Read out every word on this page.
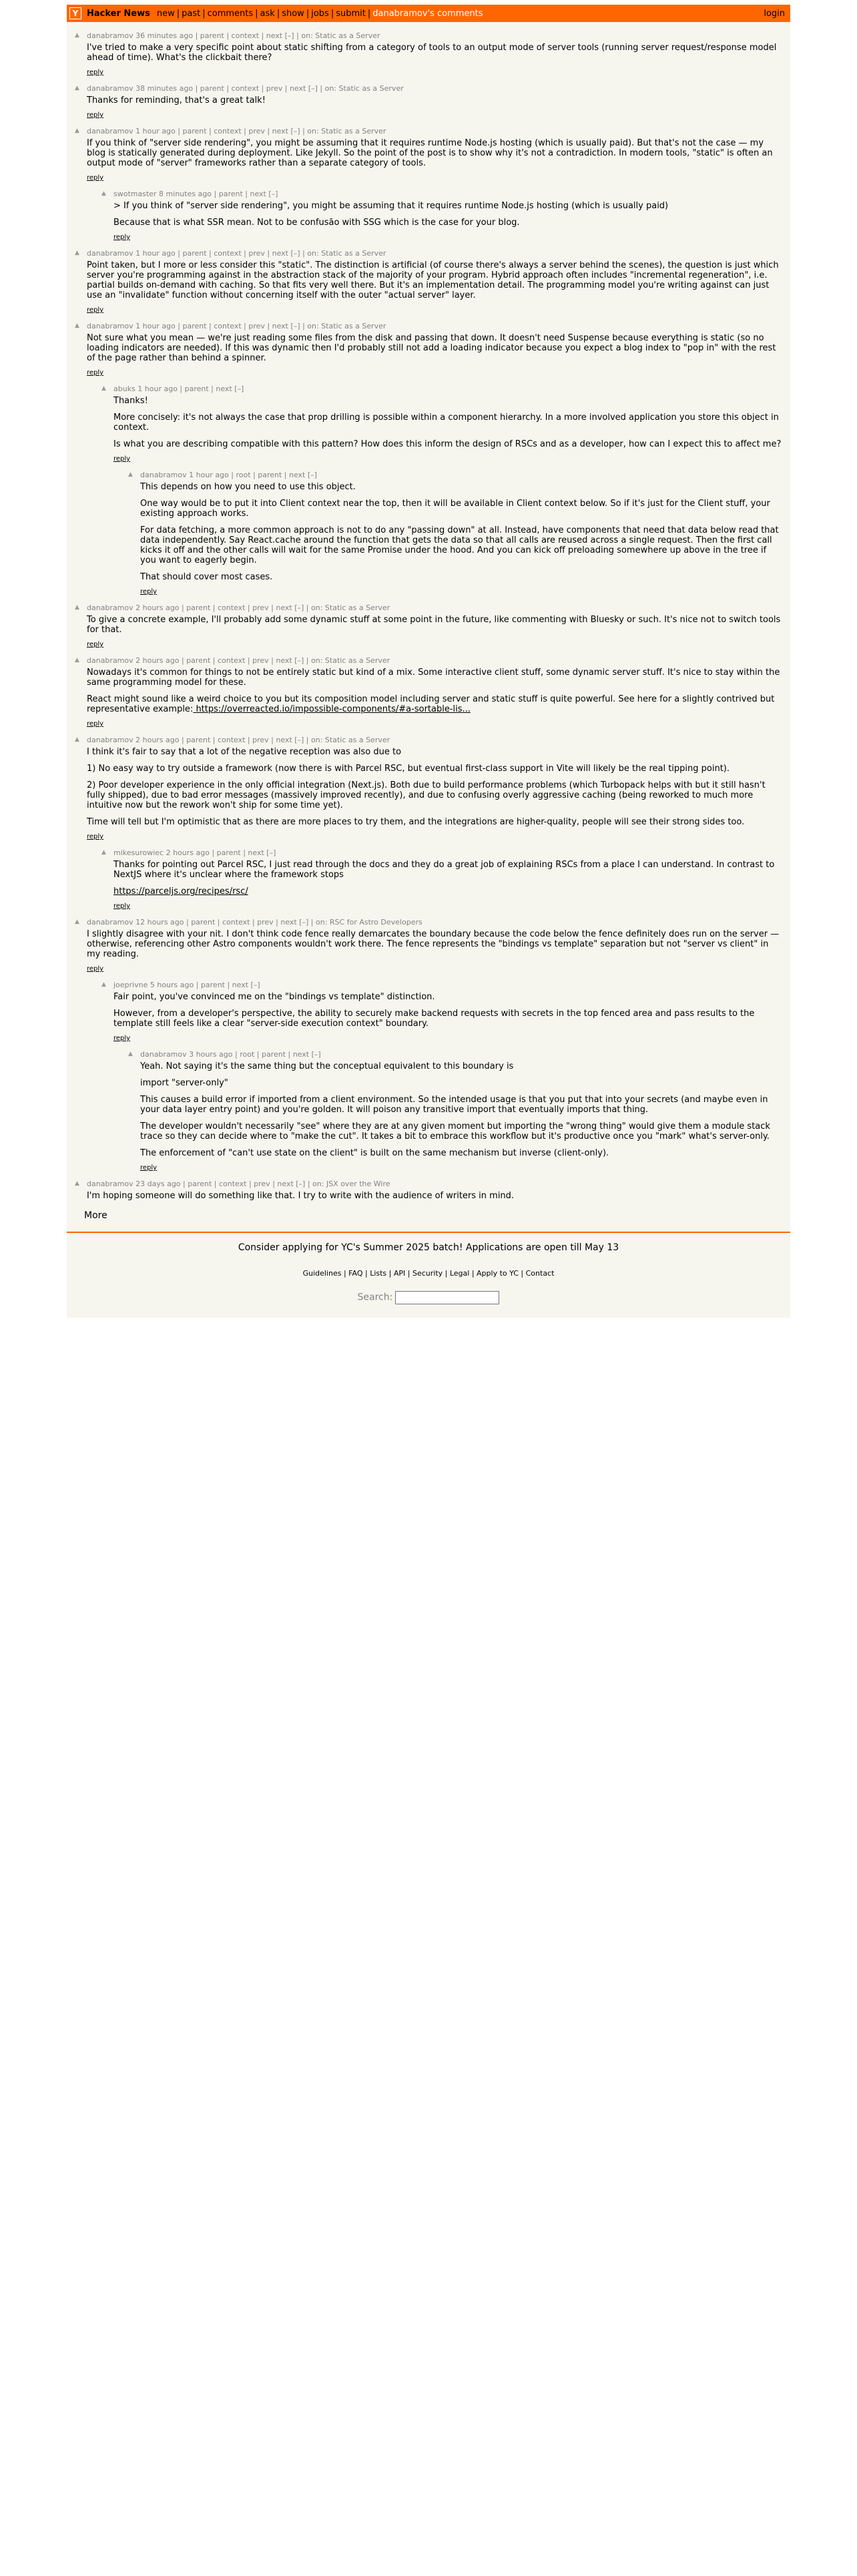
Y Hacker News new | past | comments | ask | show | jobs | submit | danabramov's comments	login
▲ danabramov 36 minutes ago | parent | context | next [–] | on: Static as a Server

I've tried to make a very specific point about static shifting from a category of tools to an output mode of server tools (running server request/response model ahead of time). What's the clickbait there?

reply
▲ danabramov 38 minutes ago | parent | context | prev | next [–] | on: Static as a Server

Thanks for reminding, that's a great talk!

reply
▲ danabramov 1 hour ago | parent | context | prev | next [–] | on: Static as a Server

If you think of "server side rendering", you might be assuming that it requires runtime Node.js hosting (which is usually paid). But that's not the case — my blog is statically generated during deployment. Like Jekyll. So the point of the post is to show why it's not a contradiction. In modern tools, "static" is often an output mode of "server" frameworks rather than a separate category of tools.

reply
▲ swotmaster 8 minutes ago | parent | next [–]

> If you think of "server side rendering", you might be assuming that it requires runtime Node.js hosting (which is usually paid)

Because that is what SSR mean. Not to be confusão with SSG which is the case for your blog.

reply
▲ danabramov 1 hour ago | parent | context | prev | next [–] | on: Static as a Server

Point taken, but I more or less consider this "static". The distinction is artificial (of course there's always a server behind the scenes), the question is just which server you're programming against in the abstraction stack of the majority of your program. Hybrid approach often includes "incremental regeneration", i.e. partial builds on-demand with caching. So that fits very well there. But it's an implementation detail. The programming model you're writing against can just use an "invalidate" function without concerning itself with the outer "actual server" layer.

reply
▲ danabramov 1 hour ago | parent | context | prev | next [–] | on: Static as a Server

Not sure what you mean — we're just reading some files from the disk and passing that down. It doesn't need Suspense because everything is static (so no loading indicators are needed). If this was dynamic then I'd probably still not add a loading indicator because you expect a blog index to "pop in" with the rest of the page rather than behind a spinner.

reply
▲ abuks 1 hour ago | parent | next [–]

Thanks!

More concisely: it's not always the case that prop drilling is possible within a component hierarchy. In a more involved application you store this object in context.

Is what you are describing compatible with this pattern? How does this inform the design of RSCs and as a developer, how can I expect this to affect me?

reply
▲ danabramov 1 hour ago | root | parent | next [–]

This depends on how you need to use this object.

One way would be to put it into Client context near the top, then it will be available in Client context below. So if it's just for the Client stuff, your existing approach works.

For data fetching, a more common approach is not to do any "passing down" at all. Instead, have components that need that data below read that data independently. Say React.cache around the function that gets the data so that all calls are reused across a single request. Then the first call kicks it off and the other calls will wait for the same Promise under the hood. And you can kick off preloading somewhere up above in the tree if you want to eagerly begin.

That should cover most cases.

reply
▲ danabramov 2 hours ago | parent | context | prev | next [–] | on: Static as a Server

To give a concrete example, I'll probably add some dynamic stuff at some point in the future, like commenting with Bluesky or such. It's nice not to switch tools for that.

reply
▲ danabramov 2 hours ago | parent | context | prev | next [–] | on: Static as a Server

Nowadays it's common for things to not be entirely static but kind of a mix. Some interactive client stuff, some dynamic server stuff. It's nice to stay within the same programming model for these.

React might sound like a weird choice to you but its composition model including server and static stuff is quite powerful. See here for a slightly contrived but representative example: https://overreacted.io/impossible-components/#a-sortable-lis...

reply
▲ danabramov 2 hours ago | parent | context | prev | next [–] | on: Static as a Server

I think it's fair to say that a lot of the negative reception was also due to

1) No easy way to try outside a framework (now there is with Parcel RSC, but eventual first-class support in Vite will likely be the real tipping point).

2) Poor developer experience in the only official integration (Next.js). Both due to build performance problems (which Turbopack helps with but it still hasn't fully shipped), due to bad error messages (massively improved recently), and due to confusing overly aggressive caching (being reworked to much more intuitive now but the rework won't ship for some time yet).

Time will tell but I'm optimistic that as there are more places to try them, and the integrations are higher-quality, people will see their strong sides too.

reply
▲ mikesurowiec 2 hours ago | parent | next [–]

Thanks for pointing out Parcel RSC, I just read through the docs and they do a great job of explaining RSCs from a place I can understand. In contrast to NextJS where it's unclear where the framework stops

https://parceljs.org/recipes/rsc/

reply
▲ danabramov 12 hours ago | parent | context | prev | next [–] | on: RSC for Astro Developers

I slightly disagree with your nit. I don't think code fence really demarcates the boundary because the code below the fence definitely does run on the server — otherwise, referencing other Astro components wouldn't work there. The fence represents the "bindings vs template" separation but not "server vs client" in my reading.

reply
▲ joeprivne 5 hours ago | parent | next [–]

Fair point, you've convinced me on the "bindings vs template" distinction.

However, from a developer's perspective, the ability to securely make backend requests with secrets in the top fenced area and pass results to the template still feels like a clear "server-side execution context" boundary.

reply
▲ danabramov 3 hours ago | root | parent | next [–]

Yeah. Not saying it's the same thing but the conceptual equivalent to this boundary is

import "server-only"

This causes a build error if imported from a client environment. So the intended usage is that you put that into your secrets (and maybe even in your data layer entry point) and you're golden. It will poison any transitive import that eventually imports that thing.

The developer wouldn't necessarily "see" where they are at any given moment but importing the "wrong thing" would give them a module stack trace so they can decide where to "make the cut". It takes a bit to embrace this workflow but it's productive once you "mark" what's server-only.

The enforcement of "can't use state on the client" is built on the same mechanism but inverse (client-only).

reply
▲ danabramov 23 days ago | parent | context | prev | next [–] | on: JSX over the Wire

I'm hoping someone will do something like that. I try to write with the audience of writers in mind.

More
Consider applying for YC's Summer 2025 batch! Applications are open till May 13
Guidelines | FAQ | Lists | API | Security | Legal | Apply to YC | Contact
Search:
